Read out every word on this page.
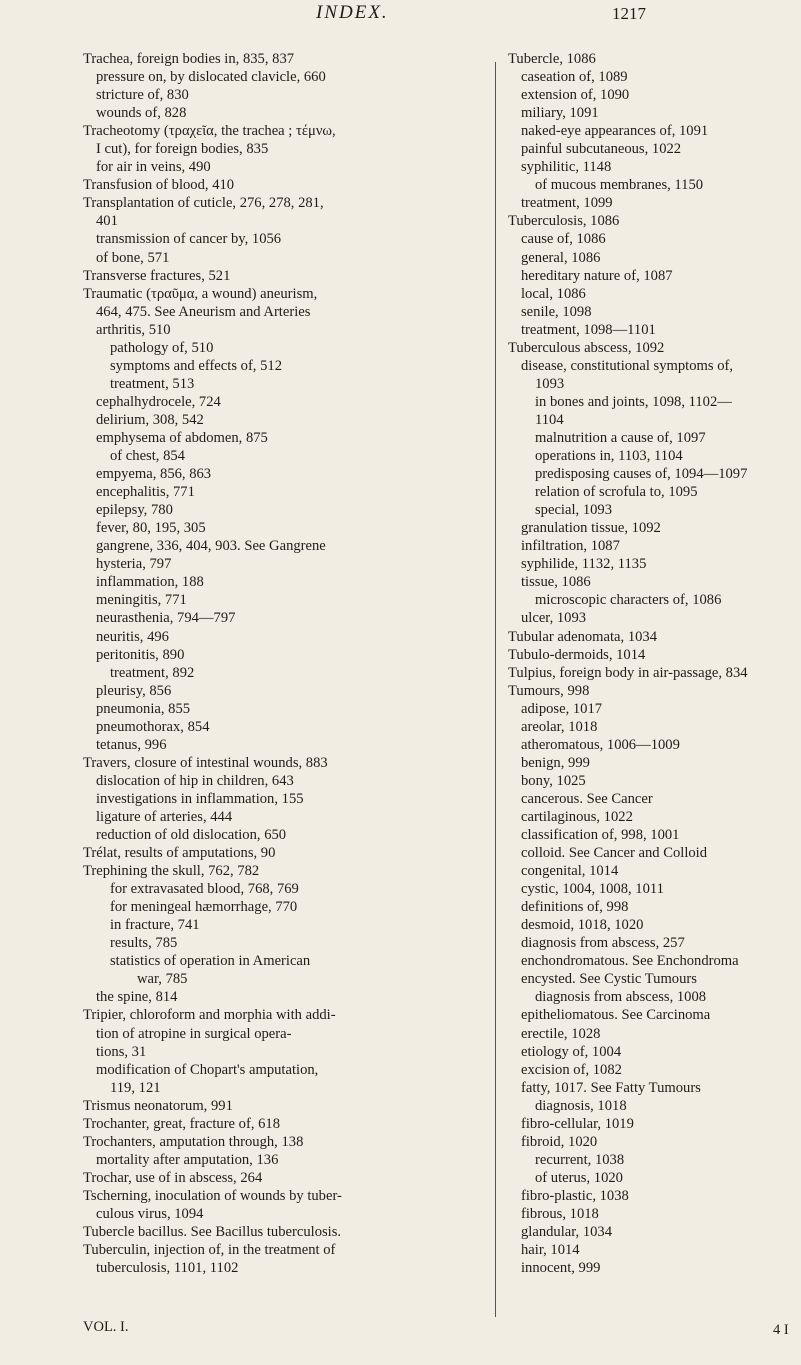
INDEX.	1217
Trachea, foreign bodies in, 835, 837
pressure on, by dislocated clavicle, 660
stricture of, 830
wounds of, 828
Tracheotomy (τραχεῖα, the trachea ; τέμνω,
I cut), for foreign bodies, 835
for air in veins, 490
Transfusion of blood, 410
Transplantation of cuticle, 276, 278, 281,
401
transmission of cancer by, 1056
of bone, 571
Transverse fractures, 521
Traumatic (τραῦμα, a wound) aneurism,
464, 475. See Aneurism and Arteries
arthritis, 510
pathology of, 510
symptoms and effects of, 512
treatment, 513
cephalhydrocele, 724
delirium, 308, 542
emphysema of abdomen, 875
of chest, 854
empyema, 856, 863
encephalitis, 771
epilepsy, 780
fever, 80, 195, 305
gangrene, 336, 404, 903. See Gangrene
hysteria, 797
inflammation, 188
meningitis, 771
neurasthenia, 794—797
neuritis, 496
peritonitis, 890
treatment, 892
pleurisy, 856
pneumonia, 855
pneumothorax, 854
tetanus, 996
Travers, closure of intestinal wounds, 883
dislocation of hip in children, 643
investigations in inflammation, 155
ligature of arteries, 444
reduction of old dislocation, 650
Trélat, results of amputations, 90
Trephining the skull, 762, 782
for extravasated blood, 768, 769
for meningeal hæmorrhage, 770
in fracture, 741
results, 785
statistics of operation in American
war, 785
the spine, 814
Tripier, chloroform and morphia with addi-
tion of atropine in surgical opera-
tions, 31
modification of Chopart's amputation,
119, 121
Trismus neonatorum, 991
Trochanter, great, fracture of, 618
Trochanters, amputation through, 138
mortality after amputation, 136
Trochar, use of in abscess, 264
Tscherning, inoculation of wounds by tuber-
culous virus, 1094
Tubercle bacillus. See Bacillus tuberculosis.
Tuberculin, injection of, in the treatment of
tuberculosis, 1101, 1102
Tubercle, 1086
caseation of, 1089
extension of, 1090
miliary, 1091
naked-eye appearances of, 1091
painful subcutaneous, 1022
syphilitic, 1148
of mucous membranes, 1150
treatment, 1099
Tuberculosis, 1086
cause of, 1086
general, 1086
hereditary nature of, 1087
local, 1086
senile, 1098
treatment, 1098—1101
Tuberculous abscess, 1092
disease, constitutional symptoms of,
1093
in bones and joints, 1098, 1102—
1104
malnutrition a cause of, 1097
operations in, 1103, 1104
predisposing causes of, 1094—1097
relation of scrofula to, 1095
special, 1093
granulation tissue, 1092
infiltration, 1087
syphilide, 1132, 1135
tissue, 1086
microscopic characters of, 1086
ulcer, 1093
Tubular adenomata, 1034
Tubulo-dermoids, 1014
Tulpius, foreign body in air-passage, 834
Tumours, 998
adipose, 1017
areolar, 1018
atheromatous, 1006—1009
benign, 999
bony, 1025
cancerous. See Cancer
cartilaginous, 1022
classification of, 998, 1001
colloid. See Cancer and Colloid
congenital, 1014
cystic, 1004, 1008, 1011
definitions of, 998
desmoid, 1018, 1020
diagnosis from abscess, 257
enchondromatous. See Enchondroma
encysted. See Cystic Tumours
diagnosis from abscess, 1008
epitheliomatous. See Carcinoma
erectile, 1028
etiology of, 1004
excision of, 1082
fatty, 1017. See Fatty Tumours
diagnosis, 1018
fibro-cellular, 1019
fibroid, 1020
recurrent, 1038
of uterus, 1020
fibro-plastic, 1038
fibrous, 1018
glandular, 1034
hair, 1014
innocent, 999
VOL. I.	4 I
